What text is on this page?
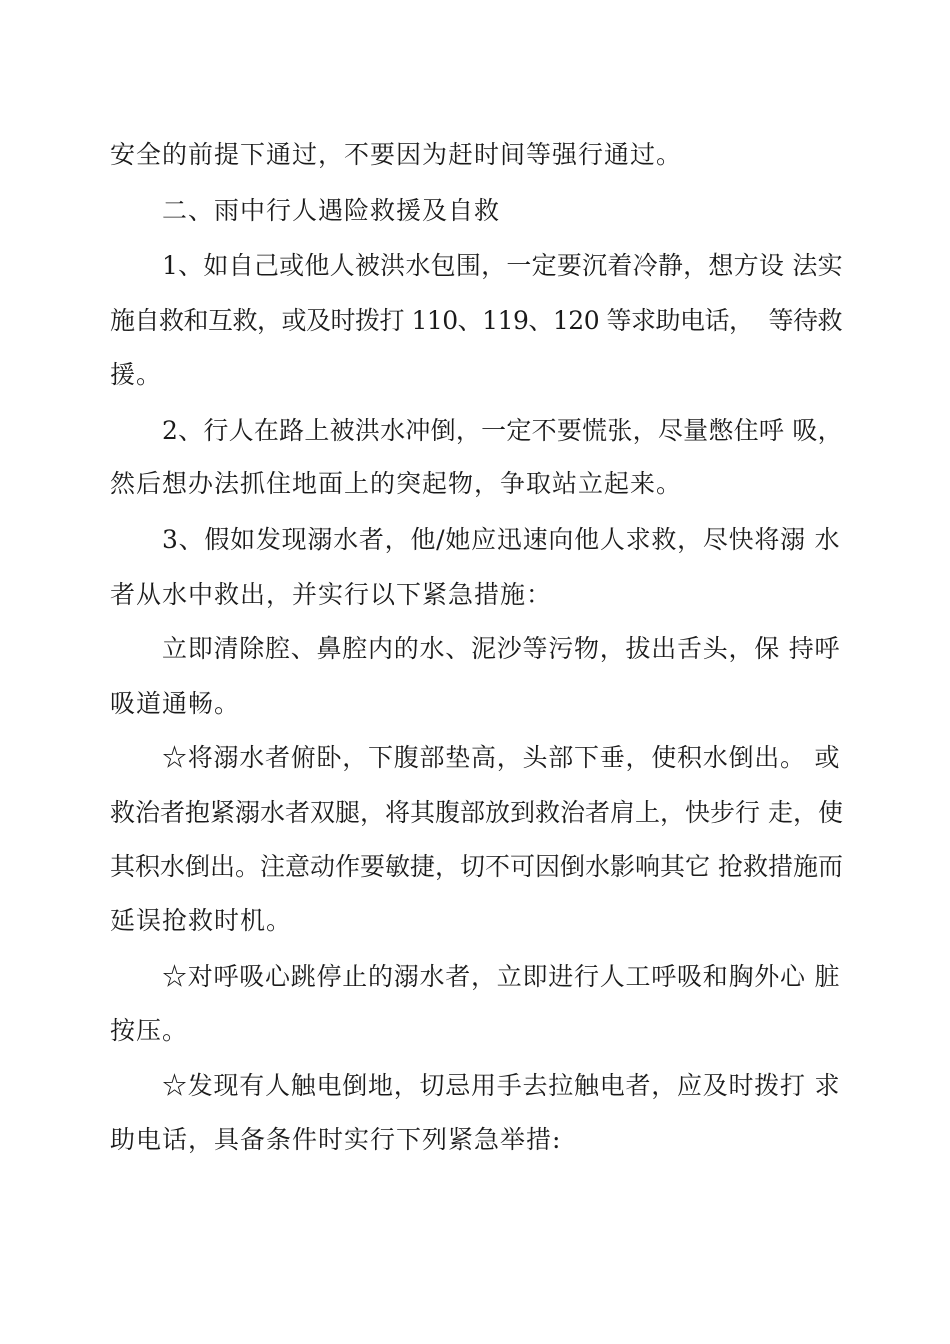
安全的前提下通过，不要因为赶时间等强行通过。
二、雨中行人遇险救援及自救
1、如自己或他人被洪水包围，一定要沉着冷静，想方设 法实
施自救和互救，或及时拨打 110、119、120 等求助电话，  等待救
援。
2、行人在路上被洪水冲倒，一定不要慌张，尽量憋住呼 吸，
然后想办法抓住地面上的突起物，争取站立起来。
3、假如发现溺水者，他/她应迅速向他人求救，尽快将溺 水
者从水中救出，并实行以下紧急措施：
立即清除腔、鼻腔内的水、泥沙等污物，拔出舌头，保 持呼
吸道通畅。
☆将溺水者俯卧，下腹部垫高，头部下垂，使积水倒出。 或
救治者抱紧溺水者双腿，将其腹部放到救治者肩上，快步行 走，使
其积水倒出。注意动作要敏捷，切不可因倒水影响其它 抢救措施而
延误抢救时机。
☆对呼吸心跳停止的溺水者，立即进行人工呼吸和胸外心 脏
按压。
☆发现有人触电倒地，切忌用手去拉触电者，应及时拨打 求
助电话，具备条件时实行下列紧急举措:
